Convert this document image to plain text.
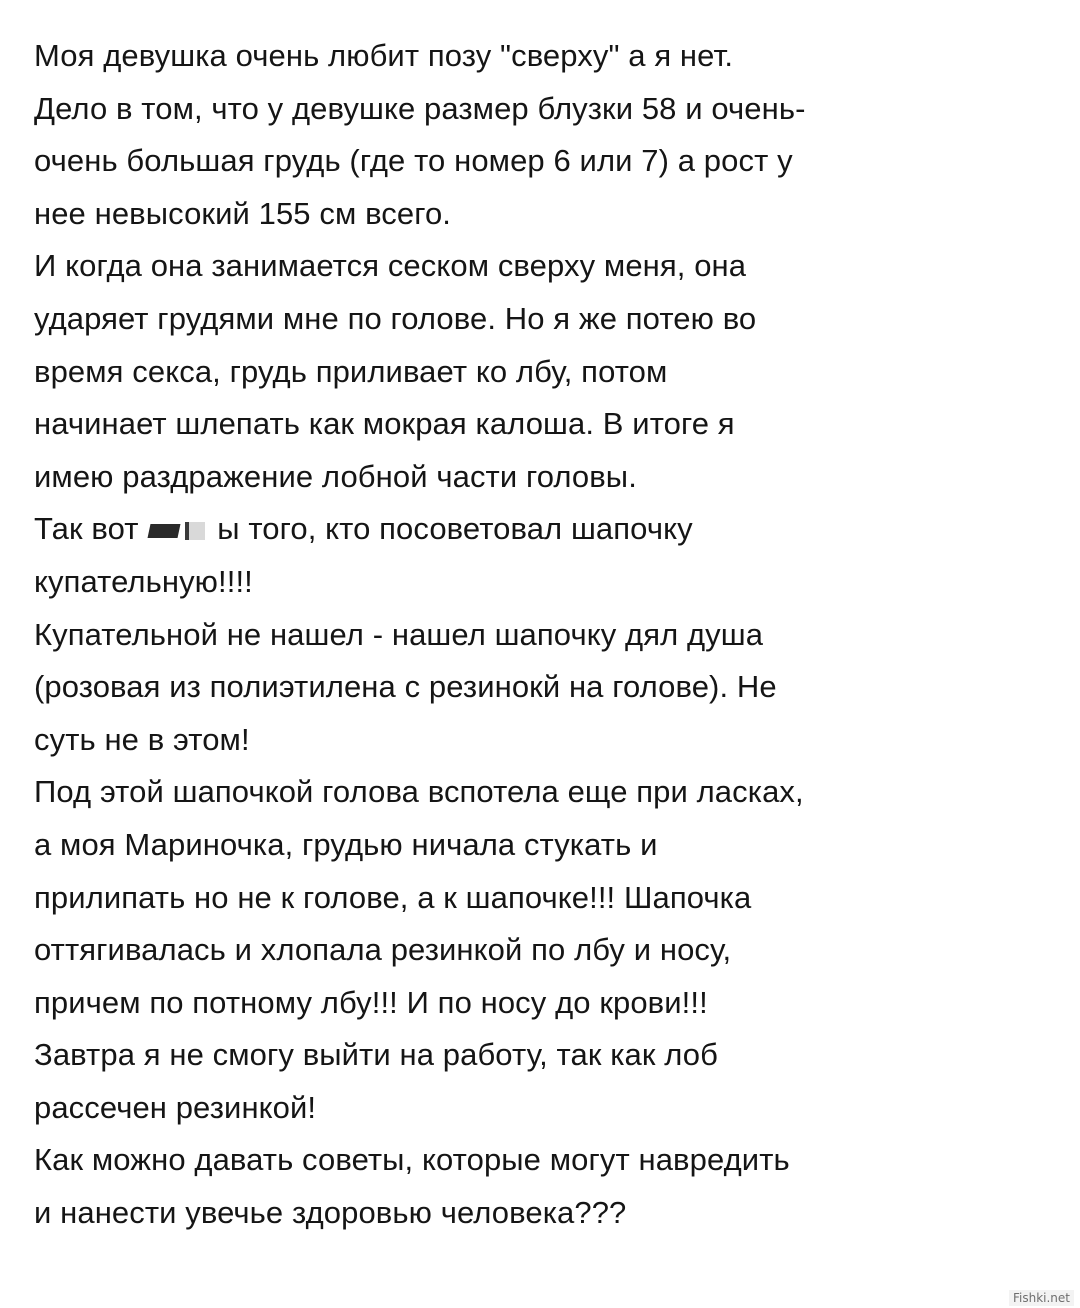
Моя девушка очень любит позу "сверху" а я нет.
Дело в том, что у девушке размер блузки 58 и очень-
очень большая грудь (где то номер 6 или 7) а рост у
нее невысокий 155 см всего.
И когда она занимается сеском сверху меня, она
ударяет грудями мне по голове. Но я же потею во
время секса, грудь приливает ко лбу, потом
начинает шлепать как мокрая калоша. В итоге я
имею раздражение лобной части головы.
Так вот	ы того, кто посоветовал шапочку
купательную!!!!
Купательной не нашел - нашел шапочку дял душа
(розовая из полиэтилена с резинокй на голове). Не
суть не в этом!
Под этой шапочкой голова вспотела еще при ласках,
а моя Мариночка, грудью ничала стукать и
прилипать но не к голове, а к шапочке!!! Шапочка
оттягивалась и хлопала резинкой по лбу и носу,
причем по потному лбу!!! И по носу до крови!!!
Завтра я не смогу выйти на работу, так как лоб
рассечен резинкой!
Как можно давать советы, которые могут навредить
и нанести увечье здоровью человека???
Fishki.net
